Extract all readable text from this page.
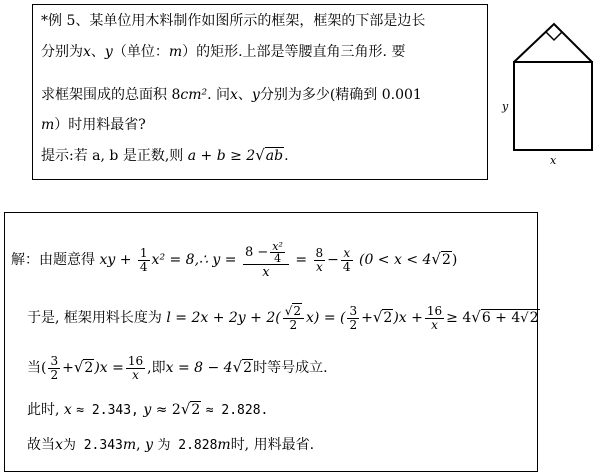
*例 5、某单位用木料制作如图所示的框架，框架的下部是边长
分别为x、y（单位：m）的矩形.上部是等腰直角三角形. 要
求框架围成的总面积 8cm². 问x、y分别为多少(精确到 0.001
m）时用料最省?
提示:若 a, b 是正数,则 a + b ≥ 2√ab.
y
x
解：由题意得 xy + $\frac{1}{4} x^2$ = 8,∴ $y = \frac{8 - \frac{\text{x²}}{4}}{x} = \frac{8}{x} - \frac{x}{4} (0 < x < 4√2)$
于是, 框架用料长度为 $l = 2x + 2y + 2( \frac{√2}{2} x)$ = ( $\frac{3}{2} +√2)x + \frac{16}{x} \ge 4√6 + 4√2$
当( $\frac{3}{2} +√2)x = \frac{16}{x}$ ,即x = 8 − 4√2时等号成立.
此时, x ≈ 2.343, y ≈ 2√2 ≈ 2.828.
故当x为 2.343m, y 为 2.828m时, 用料最省.
